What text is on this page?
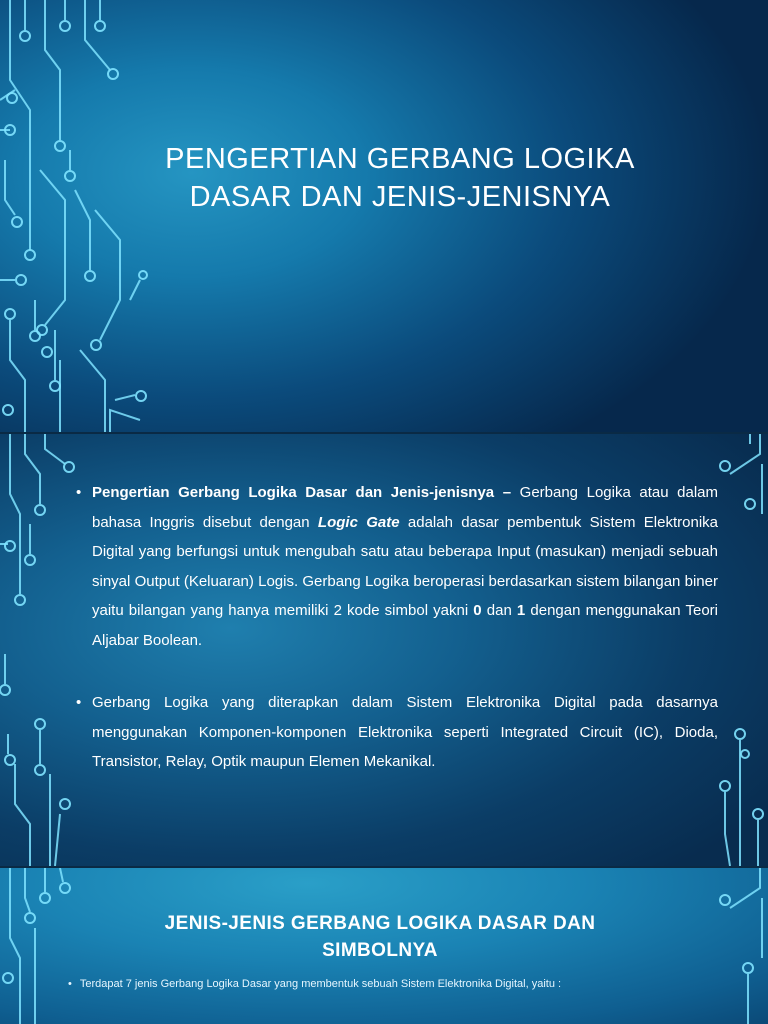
PENGERTIAN GERBANG LOGIKA
DASAR DAN JENIS-JENISNYA

• Pengertian Gerbang Logika Dasar dan Jenis-jenisnya – Gerbang Logika atau dalam bahasa Inggris disebut dengan Logic Gate adalah dasar pembentuk Sistem Elektronika Digital yang berfungsi untuk mengubah satu atau beberapa Input (masukan) menjadi sebuah sinyal Output (Keluaran) Logis. Gerbang Logika beroperasi berdasarkan sistem bilangan biner yaitu bilangan yang hanya memiliki 2 kode simbol yakni 0 dan 1 dengan menggunakan Teori Aljabar Boolean.

• Gerbang Logika yang diterapkan dalam Sistem Elektronika Digital pada dasarnya menggunakan Komponen-komponen Elektronika seperti Integrated Circuit (IC), Dioda, Transistor, Relay, Optik maupun Elemen Mekanikal.

JENIS-JENIS GERBANG LOGIKA DASAR DAN
SIMBOLNYA
• Terdapat 7 jenis Gerbang Logika Dasar yang membentuk sebuah Sistem Elektronika Digital, yaitu :
